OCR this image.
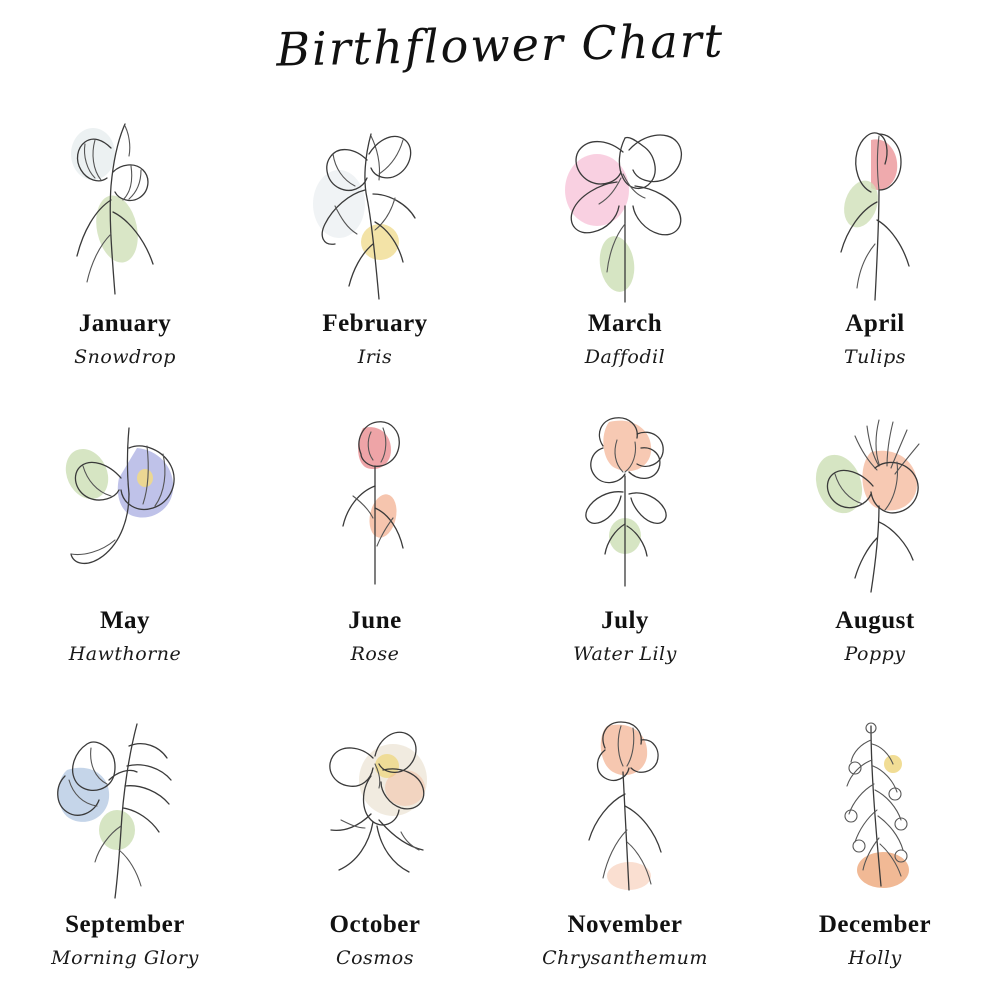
Birthflower Chart
January
Snowdrop
February
Iris
March
Daffodil
April
Tulips
May
Hawthorne
June
Rose
July
Water Lily
August
Poppy
September
Morning Glory
October
Cosmos
November
Chrysanthemum
December
Holly
